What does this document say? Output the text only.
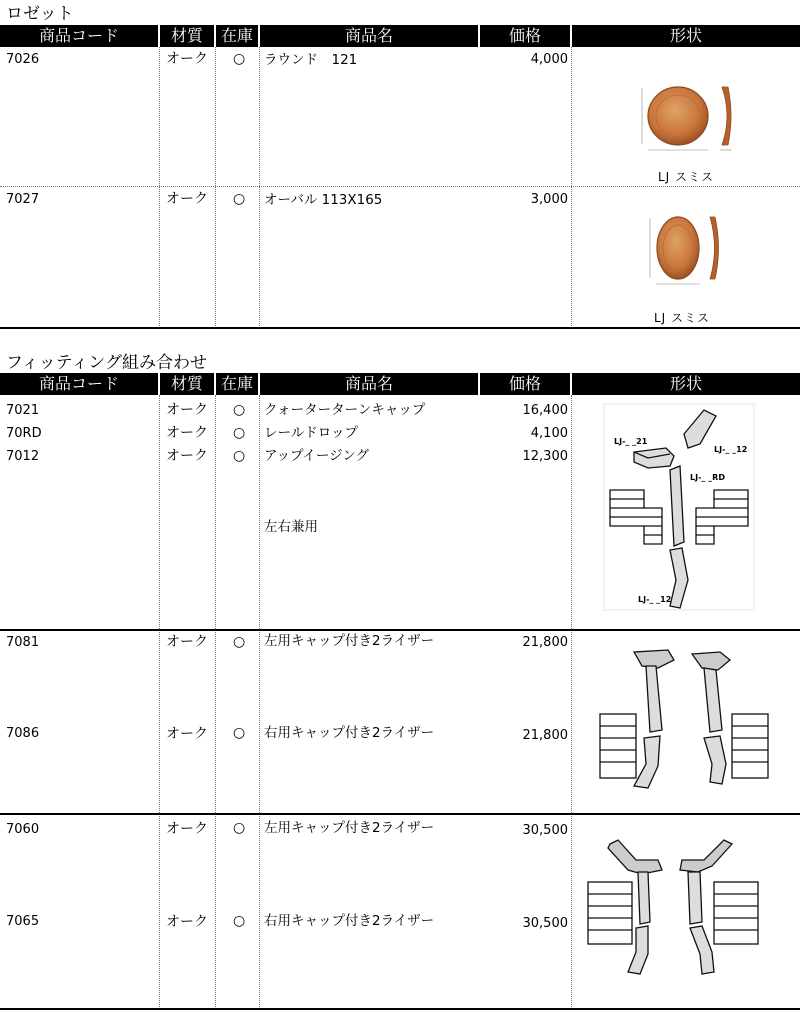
ロゼット
商品コード	材質	在庫	商品名	価格	形状
7026	オーク ○ ラウンド　121	4,000
LJ スミス
7027	オーク ○ オーバル 113X165	3,000
LJ スミス
フィッティング組み合わせ
商品コード	材質	在庫	商品名	価格	形状
7021	オーク ○ クォーターターンキャップ	16,400
70RD	オーク ○ レールドロップ	4,100
7012	オーク ○ アップイージング	12,300
左右兼用
LJ-_ _21
LJ-_ _12
LJ-_ _RD
LJ-_ _12
7081	オーク ○ 左用キャップ付き2ライザー	21,800
7086	オーク ○ 右用キャップ付き2ライザー	21,800
7060	オーク ○ 左用キャップ付き2ライザー	30,500
7065	オーク ○ 右用キャップ付き2ライザー	30,500
